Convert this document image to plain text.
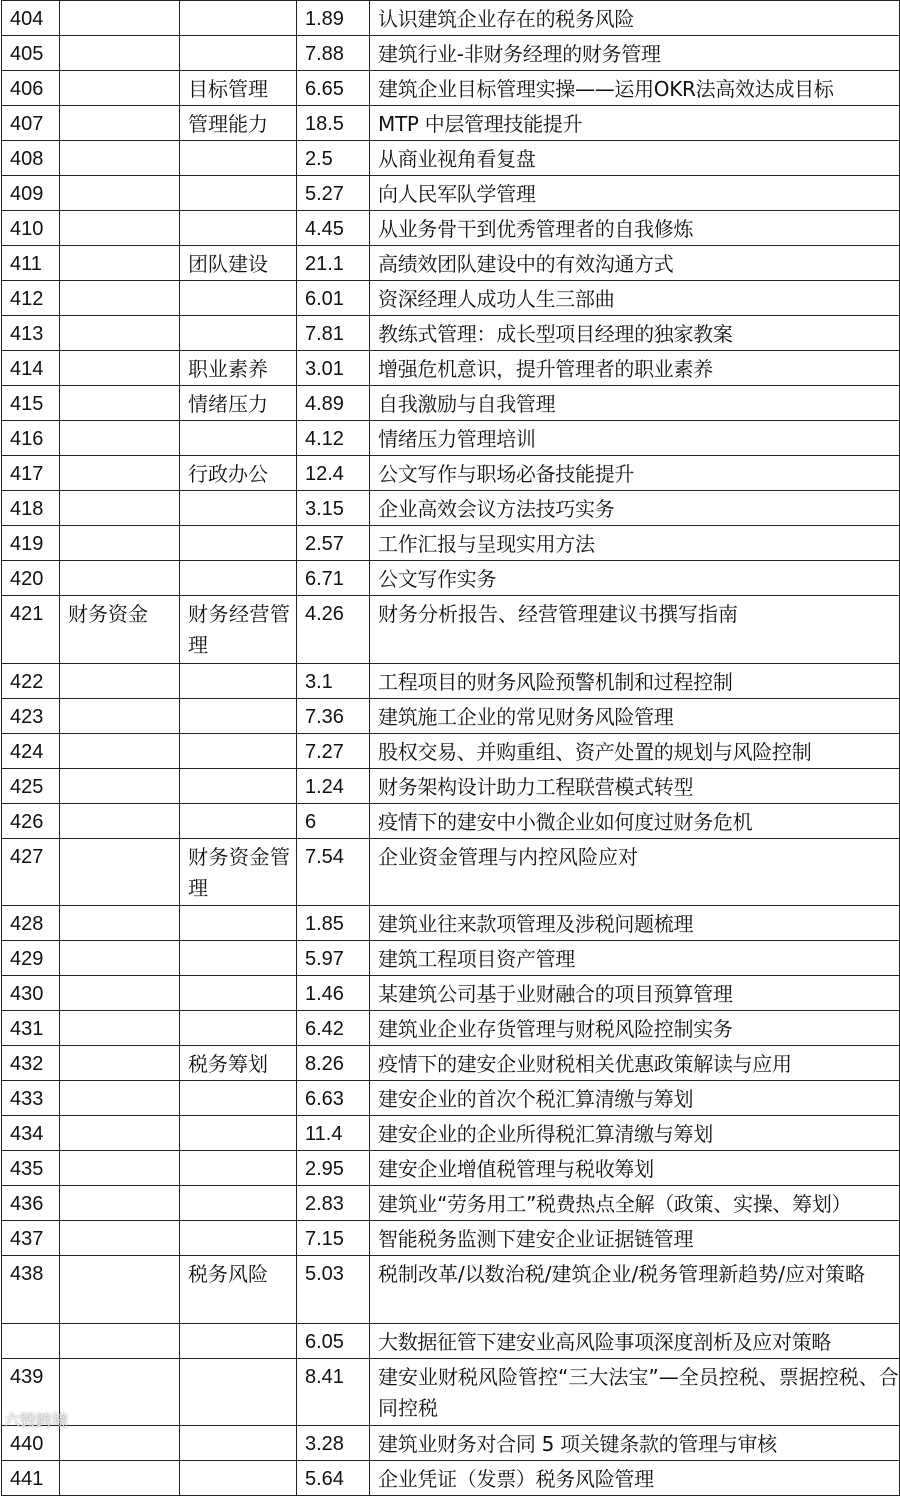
404			1.89	认识建筑企业存在的税务风险
405			7.88	建筑行业-非财务经理的财务管理
406		目标管理	6.65	建筑企业目标管理实操——运用OKR法高效达成目标
407		管理能力	18.5	MTP 中层管理技能提升
408			2.5	从商业视角看复盘
409			5.27	向人民军队学管理
410			4.45	从业务骨干到优秀管理者的自我修炼
411		团队建设	21.1	高绩效团队建设中的有效沟通方式
412			6.01	资深经理人成功人生三部曲
413			7.81	教练式管理：成长型项目经理的独家教案
414		职业素养	3.01	增强危机意识，提升管理者的职业素养
415		情绪压力	4.89	自我激励与自我管理
416			4.12	情绪压力管理培训
417		行政办公	12.4	公文写作与职场必备技能提升
418			3.15	企业高效会议方法技巧实务
419			2.57	工作汇报与呈现实用方法
420			6.71	公文写作实务
421	财务资金	财务经营管理	4.26	财务分析报告、经营管理建议书撰写指南
422			3.1	工程项目的财务风险预警机制和过程控制
423			7.36	建筑施工企业的常见财务风险管理
424			7.27	股权交易、并购重组、资产处置的规划与风险控制
425			1.24	财务架构设计助力工程联营模式转型
426			6	疫情下的建安中小微企业如何度过财务危机
427		财务资金管理	7.54	企业资金管理与内控风险应对
428			1.85	建筑业往来款项管理及涉税问题梳理
429			5.97	建筑工程项目资产管理
430			1.46	某建筑公司基于业财融合的项目预算管理
431			6.42	建筑业企业存货管理与财税风险控制实务
432		税务筹划	8.26	疫情下的建安企业财税相关优惠政策解读与应用
433			6.63	建安企业的首次个税汇算清缴与筹划
434			11.4	建安企业的企业所得税汇算清缴与筹划
435			2.95	建安企业增值税管理与税收筹划
436			2.83	建筑业“劳务用工”税费热点全解（政策、实操、筹划）
437			7.15	智能税务监测下建安企业证据链管理
438		税务风险	5.03	税制改革/以数治税/建筑企业/税务管理新趋势/应对策略
			6.05	大数据征管下建安业高风险事项深度剖析及应对策略
439			8.41	建安业财税风险管控“三大法宝”—全员控税、票据控税、合同控税
440			3.28	建筑业财务对合同 5 项关键条款的管理与审核
441			5.64	企业凭证（发票）税务风险管理
六毁跨境
